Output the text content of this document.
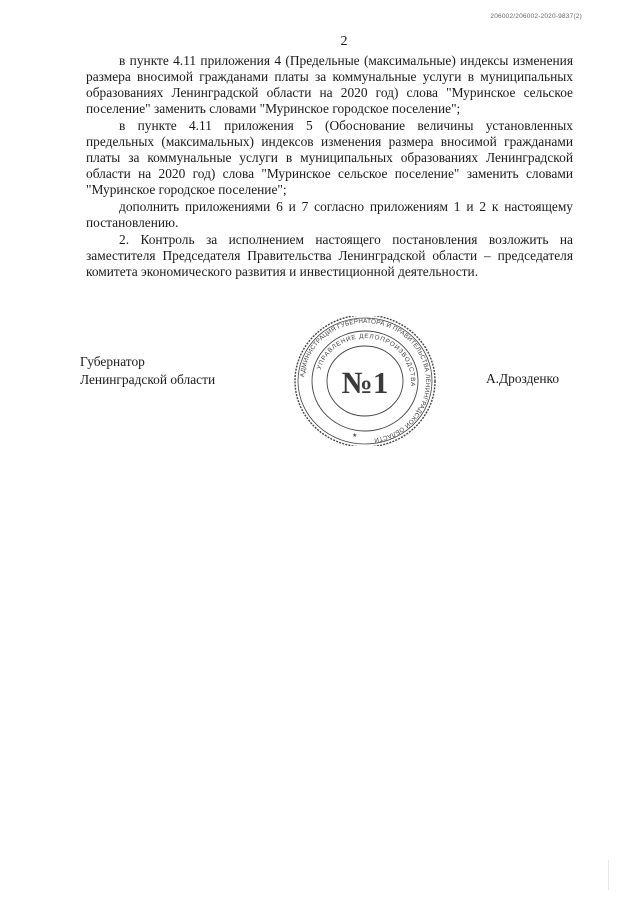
206002/206002-2020-9837(2)
2

в пункте 4.11 приложения 4 (Предельные (максимальные) индексы изменения размера вносимой гражданами платы за коммунальные услуги в муниципальных образованиях Ленинградской области на 2020 год) слова "Муринское сельское поселение" заменить словами "Муринское городское поселение";

в пункте 4.11 приложения 5 (Обоснование величины установленных предельных (максимальных) индексов изменения размера вносимой гражданами платы за коммунальные услуги в муниципальных образованиях Ленинградской области на 2020 год) слова "Муринское сельское поселение" заменить словами "Муринское городское поселение";

дополнить приложениями 6 и 7 согласно приложениям 1 и 2 к настоящему постановлению.

2. Контроль за исполнением настоящего постановления возложить на заместителя Председателя Правительства Ленинградской области – председателя комитета экономического развития и инвестиционной деятельности.

Губернатор
Ленинградской области	А.Дрозденко
АДМИНИСТРАЦИЯ ГУБЕРНАТОРА И ПРАВИТЕЛЬСТВА ЛЕНИНГРАДСКОЙ ОБЛАСТИ
УПРАВЛЕНИЕ ДЕЛОПРОИЗВОДСТВА
№1
★
